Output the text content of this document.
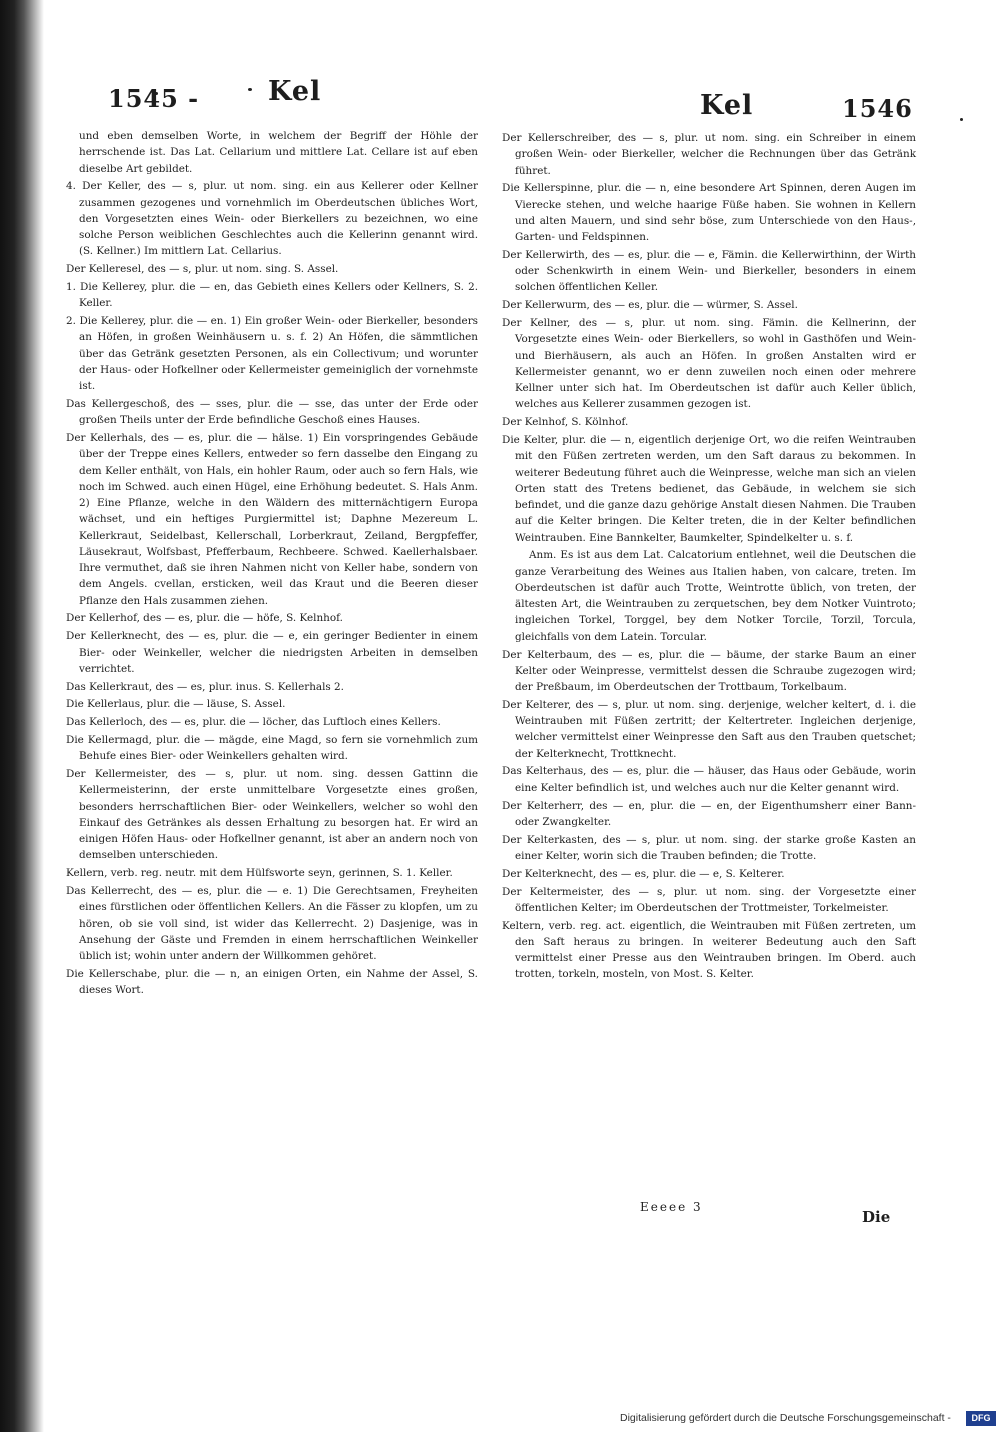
1545 -	Kel	Kel	1546

und eben demselben Worte, in welchem der Begriff der Höhle der herrschende ist. Das Lat. Cellarium und mittlere Lat. Cellare ist auf eben dieselbe Art gebildet.

4. Der Keller, des — s, plur. ut nom. sing. ein aus Kellerer oder Kellner zusammen gezogenes und vornehmlich im Oberdeutschen übliches Wort, den Vorgesetzten eines Wein- oder Bierkellers zu bezeichnen, wo eine solche Person weiblichen Geschlechtes auch die Kellerinn genannt wird. (S. Kellner.) Im mittlern Lat. Cellarius.

Der Kelleresel, des — s, plur. ut nom. sing. S. Assel.

1. Die Kellerey, plur. die — en, das Gebieth eines Kellers oder Kellners, S. 2. Keller.

2. Die Kellerey, plur. die — en. 1) Ein großer Wein- oder Bierkeller, besonders an Höfen, in großen Weinhäusern u. s. f. 2) An Höfen, die sämmtlichen über das Getränk gesetzten Personen, als ein Collectivum; und worunter der Haus- oder Hofkellner oder Kellermeister gemeiniglich der vornehmste ist.

Das Kellergeschoß, des — sses, plur. die — sse, das unter der Erde oder großen Theils unter der Erde befindliche Geschoß eines Hauses.

Der Kellerhals, des — es, plur. die — hälse. 1) Ein vorspringendes Gebäude über der Treppe eines Kellers, entweder so fern dasselbe den Eingang zu dem Keller enthält, von Hals, ein hohler Raum, oder auch so fern Hals, wie noch im Schwed. auch einen Hügel, eine Erhöhung bedeutet. S. Hals Anm. 2) Eine Pflanze, welche in den Wäldern des mitternächtigern Europa wächset, und ein heftiges Purgiermittel ist; Daphne Mezereum L. Kellerkraut, Seidelbast, Kellerschall, Lorberkraut, Zeiland, Bergpfeffer, Läusekraut, Wolfsbast, Pfefferbaum, Rechbeere. Schwed. Kaellerhalsbaer. Ihre vermuthet, daß sie ihren Nahmen nicht von Keller habe, sondern von dem Angels. cvellan, ersticken, weil das Kraut und die Beeren dieser Pflanze den Hals zusammen ziehen.

Der Kellerhof, des — es, plur. die — höfe, S. Kelnhof.

Der Kellerknecht, des — es, plur. die — e, ein geringer Bedienter in einem Bier- oder Weinkeller, welcher die niedrigsten Arbeiten in demselben verrichtet.

Das Kellerkraut, des — es, plur. inus. S. Kellerhals 2.

Die Kellerlaus, plur. die — läuse, S. Assel.

Das Kellerloch, des — es, plur. die — löcher, das Luftloch eines Kellers.

Die Kellermagd, plur. die — mägde, eine Magd, so fern sie vornehmlich zum Behufe eines Bier- oder Weinkellers gehalten wird.

Der Kellermeister, des — s, plur. ut nom. sing. dessen Gattinn die Kellermeisterinn, der erste unmittelbare Vorgesetzte eines großen, besonders herrschaftlichen Bier- oder Weinkellers, welcher so wohl den Einkauf des Getränkes als dessen Erhaltung zu besorgen hat. Er wird an einigen Höfen Haus- oder Hofkellner genannt, ist aber an andern noch von demselben unterschieden.

Kellern, verb. reg. neutr. mit dem Hülfsworte seyn, gerinnen, S. 1. Keller.

Das Kellerrecht, des — es, plur. die — e. 1) Die Gerechtsamen, Freyheiten eines fürstlichen oder öffentlichen Kellers. An die Fässer zu klopfen, um zu hören, ob sie voll sind, ist wider das Kellerrecht. 2) Dasjenige, was in Ansehung der Gäste und Fremden in einem herrschaftlichen Weinkeller üblich ist; wohin unter andern der Willkommen gehöret.

Die Kellerschabe, plur. die — n, an einigen Orten, ein Nahme der Assel, S. dieses Wort.

Der Kellerschreiber, des — s, plur. ut nom. sing. ein Schreiber in einem großen Wein- oder Bierkeller, welcher die Rechnungen über das Getränk führet.

Die Kellerspinne, plur. die — n, eine besondere Art Spinnen, deren Augen im Vierecke stehen, und welche haarige Füße haben. Sie wohnen in Kellern und alten Mauern, und sind sehr böse, zum Unterschiede von den Haus-, Garten- und Feldspinnen.

Der Kellerwirth, des — es, plur. die — e, Fämin. die Kellerwirthinn, der Wirth oder Schenkwirth in einem Wein- und Bierkeller, besonders in einem solchen öffentlichen Keller.

Der Kellerwurm, des — es, plur. die — würmer, S. Assel.

Der Kellner, des — s, plur. ut nom. sing. Fämin. die Kellnerinn, der Vorgesetzte eines Wein- oder Bierkellers, so wohl in Gasthöfen und Wein- und Bierhäusern, als auch an Höfen. In großen Anstalten wird er Kellermeister genannt, wo er denn zuweilen noch einen oder mehrere Kellner unter sich hat. Im Oberdeutschen ist dafür auch Keller üblich, welches aus Kellerer zusammen gezogen ist.

Der Kelnhof, S. Kölnhof.

Die Kelter, plur. die — n, eigentlich derjenige Ort, wo die reifen Weintrauben mit den Füßen zertreten werden, um den Saft daraus zu bekommen. In weiterer Bedeutung führet auch die Weinpresse, welche man sich an vielen Orten statt des Tretens bedienet, das Gebäude, in welchem sie sich befindet, und die ganze dazu gehörige Anstalt diesen Nahmen. Die Trauben auf die Kelter bringen. Die Kelter treten, die in der Kelter befindlichen Weintrauben. Eine Bannkelter, Baumkelter, Spindelkelter u. s. f.

Anm. Es ist aus dem Lat. Calcatorium entlehnet, weil die Deutschen die ganze Verarbeitung des Weines aus Italien haben, von calcare, treten. Im Oberdeutschen ist dafür auch Trotte, Weintrotte üblich, von treten, der ältesten Art, die Weintrauben zu zerquetschen, bey dem Notker Vuintroto; ingleichen Torkel, Torggel, bey dem Notker Torcile, Torzil, Torcula, gleichfalls von dem Latein. Torcular.

Der Kelterbaum, des — es, plur. die — bäume, der starke Baum an einer Kelter oder Weinpresse, vermittelst dessen die Schraube zugezogen wird; der Preßbaum, im Oberdeutschen der Trottbaum, Torkelbaum.

Der Kelterer, des — s, plur. ut nom. sing. derjenige, welcher keltert, d. i. die Weintrauben mit Füßen zertritt; der Keltertreter. Ingleichen derjenige, welcher vermittelst einer Weinpresse den Saft aus den Trauben quetschet; der Kelterknecht, Trottknecht.

Das Kelterhaus, des — es, plur. die — häuser, das Haus oder Gebäude, worin eine Kelter befindlich ist, und welches auch nur die Kelter genannt wird.

Der Kelterherr, des — en, plur. die — en, der Eigenthumsherr einer Bann- oder Zwangkelter.

Der Kelterkasten, des — s, plur. ut nom. sing. der starke große Kasten an einer Kelter, worin sich die Trauben befinden; die Trotte.

Der Kelterknecht, des — es, plur. die — e, S. Kelterer.

Der Keltermeister, des — s, plur. ut nom. sing. der Vorgesetzte einer öffentlichen Kelter; im Oberdeutschen der Trottmeister, Torkelmeister.

Keltern, verb. reg. act. eigentlich, die Weintrauben mit Füßen zertreten, um den Saft heraus zu bringen. In weiterer Bedeutung auch den Saft vermittelst einer Presse aus den Weintrauben bringen. Im Oberd. auch trotten, torkeln, mosteln, von Most. S. Kelter.

Eeeee 3
Die
Digitalisierung gefördert durch die Deutsche Forschungsgemeinschaft -	DFG
